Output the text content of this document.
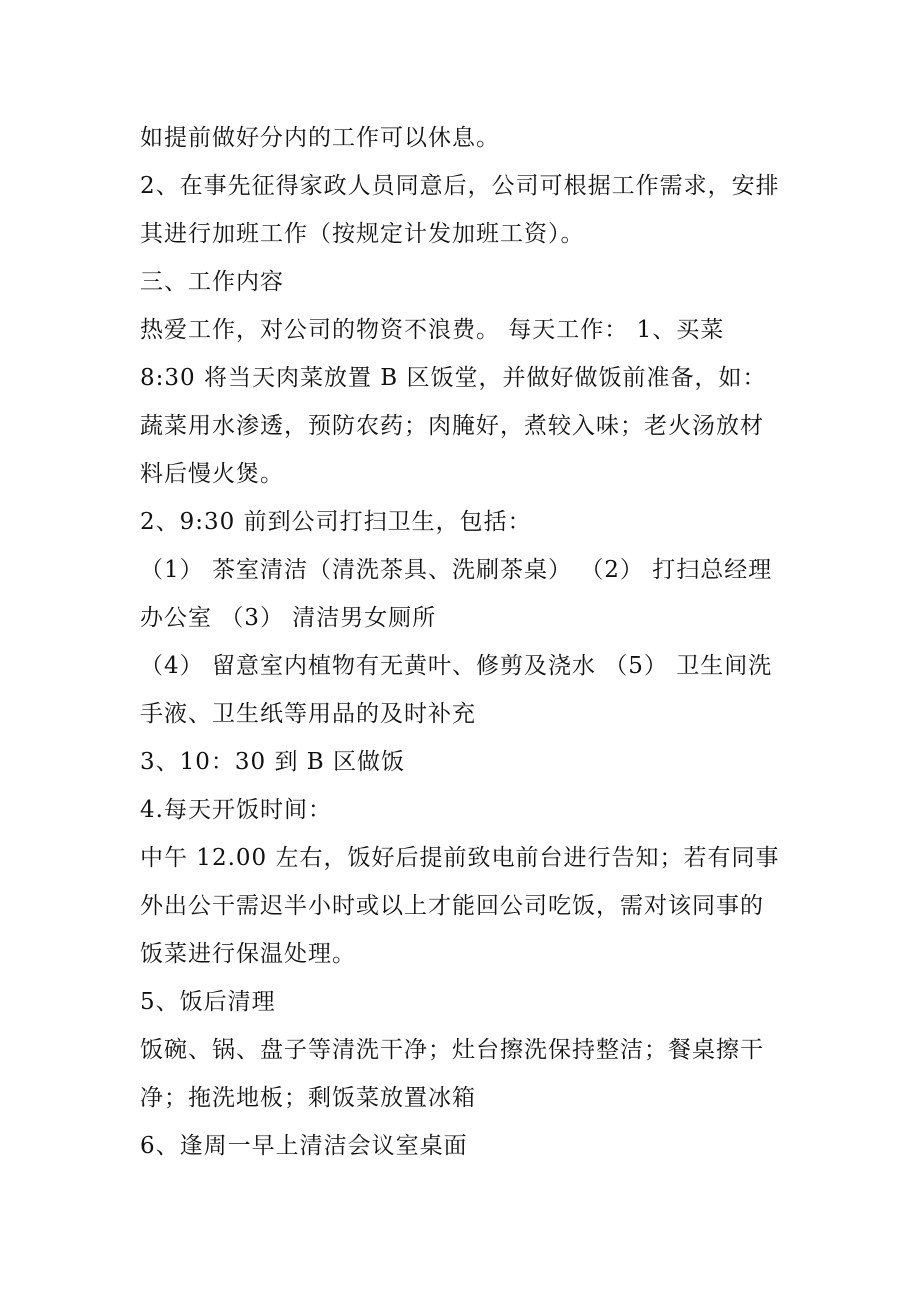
如提前做好分内的工作可以休息。

2、在事先征得家政人员同意后，公司可根据工作需求，安排其进行加班工作（按规定计发加班工资）。

三、工作内容

热爱工作，对公司的物资不浪费。 每天工作： 1、买菜

8:30 将当天肉菜放置 B 区饭堂，并做好做饭前准备，如：蔬菜用水渗透，预防农药；肉腌好，煮较入味；老火汤放材料后慢火煲。

2、9:30 前到公司打扫卫生，包括：

（1） 茶室清洁（清洗茶具、洗刷茶桌） （2） 打扫总经理办公室 （3） 清洁男女厕所

（4） 留意室内植物有无黄叶、修剪及浇水 （5） 卫生间洗手液、卫生纸等用品的及时补充

3、10：30 到 B 区做饭

4.每天开饭时间：

中午 12.00 左右，饭好后提前致电前台进行告知；若有同事外出公干需迟半小时或以上才能回公司吃饭，需对该同事的饭菜进行保温处理。

5、饭后清理

饭碗、锅、盘子等清洗干净；灶台擦洗保持整洁；餐桌擦干净；拖洗地板；剩饭菜放置冰箱

6、逢周一早上清洁会议室桌面
